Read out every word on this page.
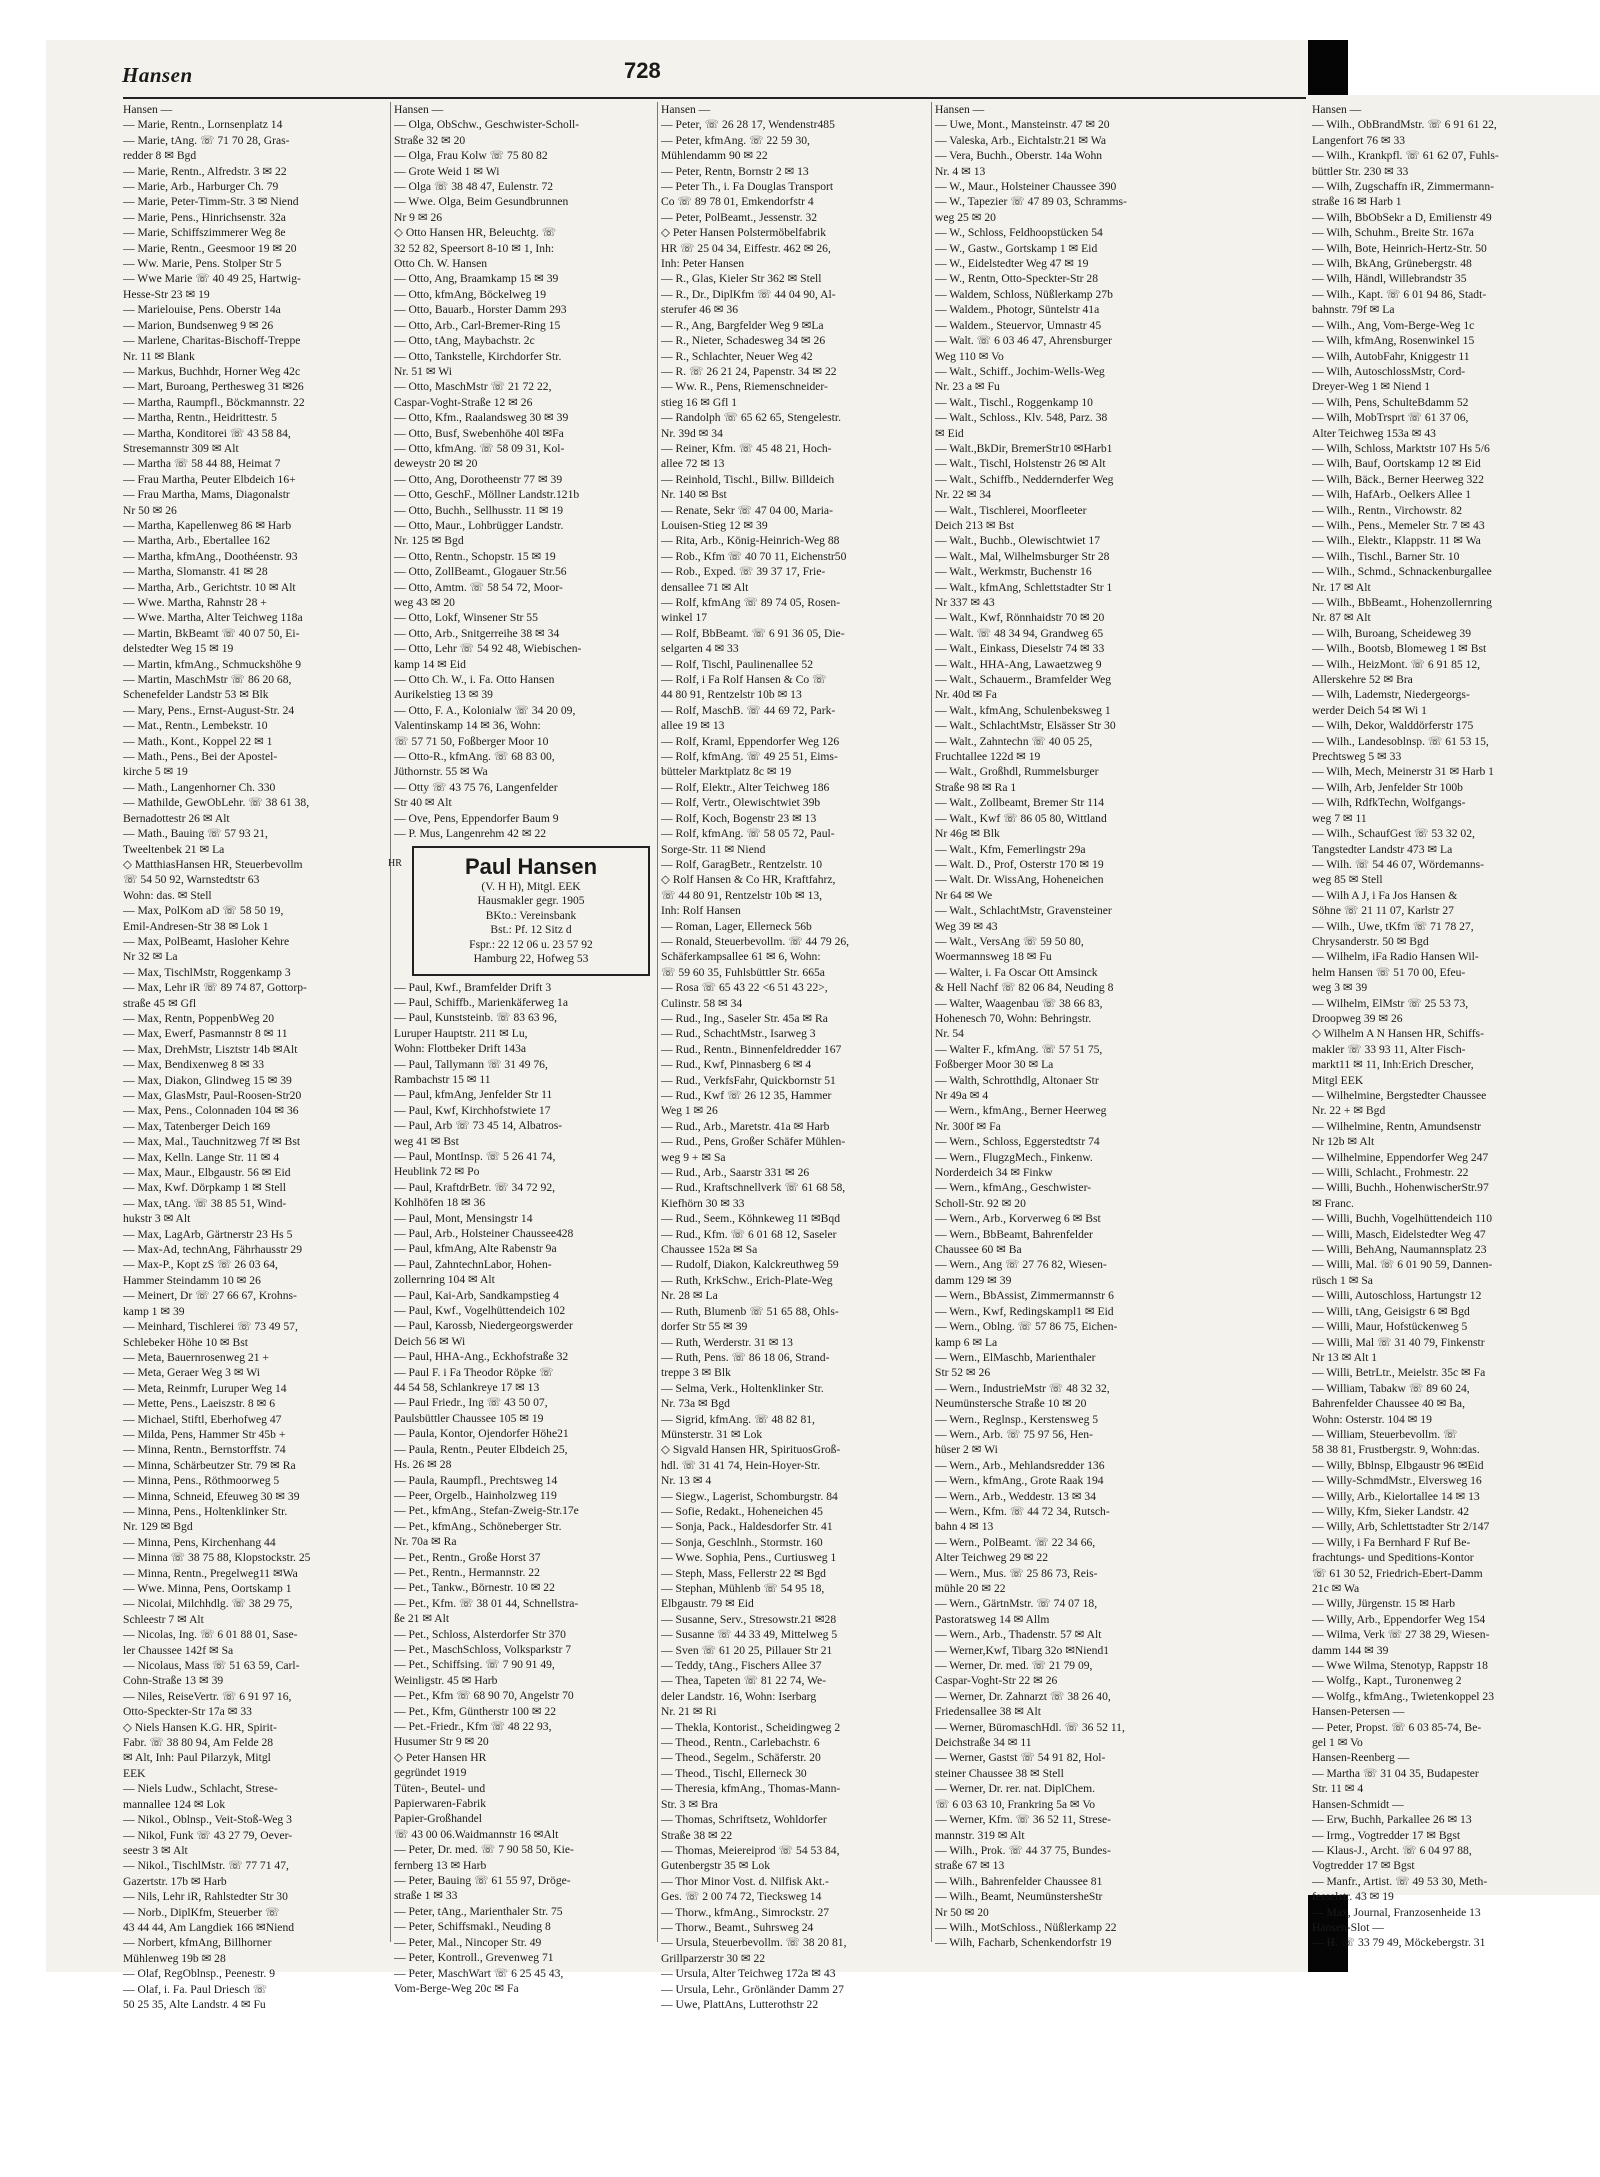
Hansen	728
Hansen —
— Marie, Rentn., Lornsenplatz 14
— Marie, tAng. ☏ 71 70 28, Gras-
redder 8 ✉ Bgd
— Marie, Rentn., Alfredstr. 3 ✉ 22
— Marie, Arb., Harburger Ch. 79
— Marie, Peter-Timm-Str. 3 ✉ Niend
— Marie, Pens., Hinrichsenstr. 32a
— Marie, Schiffszimmerer Weg 8e
— Marie, Rentn., Geesmoor 19 ✉ 20
— Ww. Marie, Pens. Stolper Str 5
— Wwe Marie ☏ 40 49 25, Hartwig-
Hesse-Str 23 ✉ 19
— Marielouise, Pens. Oberstr 14a
— Marion, Bundsenweg 9 ✉ 26
— Marlene, Charitas-Bischoff-Treppe
Nr. 11 ✉ Blank
— Markus, Buchhdr, Horner Weg 42c
— Mart, Buroang, Perthesweg 31 ✉26
— Martha, Raumpfl., Böckmannstr. 22
— Martha, Rentn., Heidrittestr. 5
— Martha, Konditorei ☏ 43 58 84,
Stresemannstr 309 ✉ Alt
— Martha ☏ 58 44 88, Heimat 7
— Frau Martha, Peuter Elbdeich 16+
— Frau Martha, Mams, Diagonalstr
Nr 50 ✉ 26
— Martha, Kapellenweg 86 ✉ Harb
— Martha, Arb., Ebertallee 162
— Martha, kfmAng., Doothéenstr. 93
— Martha, Slomanstr. 41 ✉ 28
— Martha, Arb., Gerichtstr. 10 ✉ Alt
— Wwe. Martha, Rahnstr 28 +
— Wwe. Martha, Alter Teichweg 118a
— Martin, BkBeamt ☏ 40 07 50, Ei-
delstedter Weg 15 ✉ 19
— Martin, kfmAng., Schmuckshöhe 9
— Martin, MaschMstr ☏ 86 20 68,
Schenefelder Landstr 53 ✉ Blk
— Mary, Pens., Ernst-August-Str. 24
— Mat., Rentn., Lembekstr. 10
— Math., Kont., Koppel 22 ✉ 1
— Math., Pens., Bei der Apostel-
kirche 5 ✉ 19
— Math., Langenhorner Ch. 330
— Mathilde, GewObLehr. ☏ 38 61 38,
Bernadottestr 26 ✉ Alt
— Math., Bauing ☏ 57 93 21,
Tweeltenbek 21 ✉ La
◇ MatthiasHansen HR, Steuerbevollm
☏ 54 50 92, Warnstedtstr 63
Wohn: das. ✉ Stell
— Max, PolKom aD ☏ 58 50 19,
Emil-Andresen-Str 38 ✉ Lok 1
— Max, PolBeamt, Hasloher Kehre
Nr 32 ✉ La
— Max, TischlMstr, Roggenkamp 3
— Max, Lehr iR ☏ 89 74 87, Gottorp-
straße 45 ✉ Gfl
— Max, Rentn, PoppenbWeg 20
— Max, Ewerf, Pasmannstr 8 ✉ 11
— Max, DrehMstr, Lisztstr 14b ✉Alt
— Max, Bendixenweg 8 ✉ 33
— Max, Diakon, Glindweg 15 ✉ 39
— Max, GlasMstr, Paul-Roosen-Str20
— Max, Pens., Colonnaden 104 ✉ 36
— Max, Tatenberger Deich 169
— Max, Mal., Tauchnitzweg 7f ✉ Bst
— Max, Kelln. Lange Str. 11 ✉ 4
— Max, Maur., Elbgaustr. 56 ✉ Eid
— Max, Kwf. Dörpkamp 1 ✉ Stell
— Max, tAng. ☏ 38 85 51, Wind-
hukstr 3 ✉ Alt
— Max, LagArb, Gärtnerstr 23 Hs 5
— Max-Ad, technAng, Fährhausstr 29
— Max-P., Kopt zS ☏ 26 03 64,
Hammer Steindamm 10 ✉ 26
— Meinert, Dr ☏ 27 66 67, Krohns-
kamp 1 ✉ 39
— Meinhard, Tischlerei ☏ 73 49 57,
Schlebeker Höhe 10 ✉ Bst
— Meta, Bauernrosenweg 21 +
— Meta, Geraer Weg 3 ✉ Wi
— Meta, Reinmfr, Luruper Weg 14
— Mette, Pens., Laeiszstr. 8 ✉ 6
— Michael, Stiftl, Eberhofweg 47
— Milda, Pens, Hammer Str 45b +
— Minna, Rentn., Bernstorffstr. 74
— Minna, Schärbeutzer Str. 79 ✉ Ra
— Minna, Pens., Röthmoorweg 5
— Minna, Schneid, Efeuweg 30 ✉ 39
— Minna, Pens., Holtenklinker Str.
Nr. 129 ✉ Bgd
— Minna, Pens, Kirchenhang 44
— Minna ☏ 38 75 88, Klopstockstr. 25
— Minna, Rentn., Pregelweg11 ✉Wa
— Wwe. Minna, Pens, Oortskamp 1
— Nicolai, Milchhdlg. ☏ 38 29 75,
Schleestr 7 ✉ Alt
— Nicolas, Ing. ☏ 6 01 88 01, Sase-
ler Chaussee 142f ✉ Sa
— Nicolaus, Mass ☏ 51 63 59, Carl-
Cohn-Straße 13 ✉ 39
— Niles, ReiseVertr. ☏ 6 91 97 16,
Otto-Speckter-Str 17a ✉ 33
◇ Niels Hansen K.G. HR, Spirit-
Fabr. ☏ 38 80 94, Am Felde 28
✉ Alt, Inh: Paul Pilarzyk, Mitgl
EEK
— Niels Ludw., Schlacht, Strese-
mannallee 124 ✉ Lok
— Nikol., Oblnsp., Veit-Stoß-Weg 3
— Nikol, Funk ☏ 43 27 79, Oever-
seestr 3 ✉ Alt
— Nikol., TischlMstr. ☏ 77 71 47,
Gazertstr. 17b ✉ Harb
— Nils, Lehr iR, Rahlstedter Str 30
— Norb., DiplKfm, Steuerber ☏
43 44 44, Am Langdiek 166 ✉Niend
— Norbert, kfmAng, Billhorner
Mühlenweg 19b ✉ 28
— Olaf, RegOblnsp., Peenestr. 9
— Olaf, i. Fa. Paul Driesch ☏
50 25 35, Alte Landstr. 4 ✉ Fu
Hansen —
— Olga, ObSchw., Geschwister-Scholl-
Straße 32 ✉ 20
— Olga, Frau Kolw ☏ 75 80 82
— Grote Weid 1 ✉ Wi
— Olga ☏ 38 48 47, Eulenstr. 72
— Wwe. Olga, Beim Gesundbrunnen
Nr 9 ✉ 26
◇ Otto Hansen HR, Beleuchtg. ☏
32 52 82, Speersort 8-10 ✉ 1, Inh:
Otto Ch. W. Hansen
— Otto, Ang, Braamkamp 15 ✉ 39
— Otto, kfmAng, Böckelweg 19
— Otto, Bauarb., Horster Damm 293
— Otto, Arb., Carl-Bremer-Ring 15
— Otto, tAng, Maybachstr. 2c
— Otto, Tankstelle, Kirchdorfer Str.
Nr. 51 ✉ Wi
— Otto, MaschMstr ☏ 21 72 22,
Caspar-Voght-Straße 12 ✉ 26
— Otto, Kfm., Raalandsweg 30 ✉ 39
— Otto, Busf, Swebenhöhe 40l ✉Fa
— Otto, kfmAng. ☏ 58 09 31, Kol-
deweystr 20 ✉ 20
— Otto, Ang, Dorotheenstr 77 ✉ 39
— Otto, GeschF., Möllner Landstr.121b
— Otto, Buchh., Sellhusstr. 11 ✉ 19
— Otto, Maur., Lohbrügger Landstr.
Nr. 125 ✉ Bgd
— Otto, Rentn., Schopstr. 15 ✉ 19
— Otto, ZollBeamt., Glogauer Str.56
— Otto, Amtm. ☏ 58 54 72, Moor-
weg 43 ✉ 20
— Otto, Lokf, Winsener Str 55
— Otto, Arb., Snitgerreihe 38 ✉ 34
— Otto, Lehr ☏ 54 92 48, Wiebischen-
kamp 14 ✉ Eid
— Otto Ch. W., i. Fa. Otto Hansen
Aurikelstieg 13 ✉ 39
— Otto, F. A., Kolonialw ☏ 34 20 09,
Valentinskamp 14 ✉ 36, Wohn:
☏ 57 71 50, Foßberger Moor 10
— Otto-R., kfmAng. ☏ 68 83 00,
Jüthornstr. 55 ✉ Wa
— Otty ☏ 43 75 76, Langenfelder
Str 40 ✉ Alt
— Ove, Pens, Eppendorfer Baum 9
— P. Mus, Langenrehm 42 ✉ 22
HR	Paul Hansen
(V. H H), Mitgl. EEK
Hausmakler gegr. 1905
BKto.: Vereinsbank
Bst.: Pf. 12 Sitz d
Fspr.: 22 12 06 u. 23 57 92
Hamburg 22, Hofweg 53
— Paul, Kwf., Bramfelder Drift 3
— Paul, Schiffb., Marienkäferweg 1a
— Paul, Kunststeinb. ☏ 83 63 96,
Luruper Hauptstr. 211 ✉ Lu,
Wohn: Flottbeker Drift 143a
— Paul, Tallymann ☏ 31 49 76,
Rambachstr 15 ✉ 11
— Paul, kfmAng, Jenfelder Str 11
— Paul, Kwf, Kirchhofstwiete 17
— Paul, Arb ☏ 73 45 14, Albatros-
weg 41 ✉ Bst
— Paul, MontInsp. ☏ 5 26 41 74,
Heublink 72 ✉ Po
— Paul, KraftdrBetr. ☏ 34 72 92,
Kohlhöfen 18 ✉ 36
— Paul, Mont, Mensingstr 14
— Paul, Arb., Holsteiner Chaussee428
— Paul, kfmAng, Alte Rabenstr 9a
— Paul, ZahntechnLabor, Hohen-
zollernring 104 ✉ Alt
— Paul, Kai-Arb, Sandkampstieg 4
— Paul, Kwf., Vogelhüttendeich 102
— Paul, Karossb, Niedergeorgswerder
Deich 56 ✉ Wi
— Paul, HHA-Ang., Eckhofstraße 32
— Paul F. i Fa Theodor Röpke ☏
44 54 58, Schlankreye 17 ✉ 13
— Paul Friedr., Ing ☏ 43 50 07,
Paulsbüttler Chaussee 105 ✉ 19
— Paula, Kontor, Ojendorfer Höhe21
— Paula, Rentn., Peuter Elbdeich 25,
Hs. 26 ✉ 28
— Paula, Raumpfl., Prechtsweg 14
— Peer, Orgelb., Hainholzweg 119
— Pet., kfmAng., Stefan-Zweig-Str.17e
— Pet., kfmAng., Schöneberger Str.
Nr. 70a ✉ Ra
— Pet., Rentn., Große Horst 37
— Pet., Rentn., Hermannstr. 22
— Pet., Tankw., Börnestr. 10 ✉ 22
— Pet., Kfm. ☏ 38 01 44, Schnellstra-
ße 21 ✉ Alt
— Pet., Schloss, Alsterdorfer Str 370
— Pet., MaschSchloss, Volksparkstr 7
— Pet., Schiffsing. ☏ 7 90 91 49,
Weinligstr. 45 ✉ Harb
— Pet., Kfm ☏ 68 90 70, Angelstr 70
— Pet., Kfm, Güntherstr 100 ✉ 22
— Pet.-Friedr., Kfm ☏ 48 22 93,
Husumer Str 9 ✉ 20
◇ Peter Hansen HR
gegründet 1919
Tüten-, Beutel- und
Papierwaren-Fabrik
Papier-Großhandel
☏ 43 00 06.Waidmannstr 16 ✉Alt
— Peter, Dr. med. ☏ 7 90 58 50, Kie-
fernberg 13 ✉ Harb
— Peter, Bauing ☏ 61 55 97, Dröge-
straße 1 ✉ 33
— Peter, tAng., Marienthaler Str. 75
— Peter, Schiffsmakl., Neuding 8
— Peter, Mal., Nincoper Str. 49
— Peter, Kontroll., Grevenweg 71
— Peter, MaschWart ☏ 6 25 45 43,
Vom-Berge-Weg 20c ✉ Fa
Hansen —
— Peter, ☏ 26 28 17, Wendenstr485
— Peter, kfmAng. ☏ 22 59 30,
Mühlendamm 90 ✉ 22
— Peter, Rentn, Bornstr 2 ✉ 13
— Peter Th., i. Fa Douglas Transport
Co ☏ 89 78 01, Emkendorfstr 4
— Peter, PolBeamt., Jessenstr. 32
◇ Peter Hansen Polstermöbelfabrik
HR ☏ 25 04 34, Eiffestr. 462 ✉ 26,
Inh: Peter Hansen
— R., Glas, Kieler Str 362 ✉ Stell
— R., Dr., DiplKfm ☏ 44 04 90, Al-
sterufer 46 ✉ 36
— R., Ang, Bargfelder Weg 9 ✉La
— R., Nieter, Schadesweg 34 ✉ 26
— R., Schlachter, Neuer Weg 42
— R. ☏ 26 21 24, Papenstr. 34 ✉ 22
— Ww. R., Pens, Riemenschneider-
stieg 16 ✉ Gfl 1
— Randolph ☏ 65 62 65, Stengelestr.
Nr. 39d ✉ 34
— Reiner, Kfm. ☏ 45 48 21, Hoch-
allee 72 ✉ 13
— Reinhold, Tischl., Billw. Billdeich
Nr. 140 ✉ Bst
— Renate, Sekr ☏ 47 04 00, Maria-
Louisen-Stieg 12 ✉ 39
— Rita, Arb., König-Heinrich-Weg 88
— Rob., Kfm ☏ 40 70 11, Eichenstr50
— Rob., Exped. ☏ 39 37 17, Frie-
densallee 71 ✉ Alt
— Rolf, kfmAng ☏ 89 74 05, Rosen-
winkel 17
— Rolf, BbBeamt. ☏ 6 91 36 05, Die-
selgarten 4 ✉ 33
— Rolf, Tischl, Paulinenallee 52
— Rolf, i Fa Rolf Hansen & Co ☏
44 80 91, Rentzelstr 10b ✉ 13
— Rolf, MaschB. ☏ 44 69 72, Park-
allee 19 ✉ 13
— Rolf, Kraml, Eppendorfer Weg 126
— Rolf, kfmAng. ☏ 49 25 51, Eims-
bütteler Marktplatz 8c ✉ 19
— Rolf, Elektr., Alter Teichweg 186
— Rolf, Vertr., Olewischtwiet 39b
— Rolf, Koch, Bogenstr 23 ✉ 13
— Rolf, kfmAng. ☏ 58 05 72, Paul-
Sorge-Str. 11 ✉ Niend
— Rolf, GaragBetr., Rentzelstr. 10
◇ Rolf Hansen & Co HR, Kraftfahrz,
☏ 44 80 91, Rentzelstr 10b ✉ 13,
Inh: Rolf Hansen
— Roman, Lager, Ellerneck 56b
— Ronald, Steuerbevollm. ☏ 44 79 26,
Schäferkampsallee 61 ✉ 6, Wohn:
☏ 59 60 35, Fuhlsbüttler Str. 665a
— Rosa ☏ 65 43 22 <6 51 43 22>,
Culinstr. 58 ✉ 34
— Rud., Ing., Saseler Str. 45a ✉ Ra
— Rud., SchachtMstr., Isarweg 3
— Rud., Rentn., Binnenfeldredder 167
— Rud., Kwf, Pinnasberg 6 ✉ 4
— Rud., VerkfsFahr, Quickbornstr 51
— Rud., Kwf ☏ 26 12 35, Hammer
Weg 1 ✉ 26
— Rud., Arb., Maretstr. 41a ✉ Harb
— Rud., Pens, Großer Schäfer Mühlen-
weg 9 + ✉ Sa
— Rud., Arb., Saarstr 331 ✉ 26
— Rud., Kraftschnellverk ☏ 61 68 58,
Kiefhörn 30 ✉ 33
— Rud., Seem., Köhnkeweg 11 ✉Bqd
— Rud., Kfm. ☏ 6 01 68 12, Saseler
Chaussee 152a ✉ Sa
— Rudolf, Diakon, Kalckreuthweg 59
— Ruth, KrkSchw., Erich-Plate-Weg
Nr. 28 ✉ La
— Ruth, Blumenb ☏ 51 65 88, Ohls-
dorfer Str 55 ✉ 39
— Ruth, Werderstr. 31 ✉ 13
— Ruth, Pens. ☏ 86 18 06, Strand-
treppe 3 ✉ Blk
— Selma, Verk., Holtenklinker Str.
Nr. 73a ✉ Bgd
— Sigrid, kfmAng. ☏ 48 82 81,
Münsterstr. 31 ✉ Lok
◇ Sigvald Hansen HR, SpirituosGroß-
hdl. ☏ 31 41 74, Hein-Hoyer-Str.
Nr. 13 ✉ 4
— Siegw., Lagerist, Schomburgstr. 84
— Sofie, Redakt., Hoheneichen 45
— Sonja, Pack., Haldesdorfer Str. 41
— Sonja, Geschlnh., Stormstr. 160
— Wwe. Sophia, Pens., Curtiusweg 1
— Steph, Mass, Fellerstr 22 ✉ Bgd
— Stephan, Mühlenb ☏ 54 95 18,
Elbgaustr. 79 ✉ Eid
— Susanne, Serv., Stresowstr.21 ✉28
— Susanne ☏ 44 33 49, Mittelweg 5
— Sven ☏ 61 20 25, Pillauer Str 21
— Teddy, tAng., Fischers Allee 37
— Thea, Tapeten ☏ 81 22 74, We-
deler Landstr. 16, Wohn: Iserbarg
Nr. 21 ✉ Ri
— Thekla, Kontorist., Scheidingweg 2
— Theod., Rentn., Carlebachstr. 6
— Theod., Segelm., Schäferstr. 20
— Theod., Tischl, Ellerneck 30
— Theresia, kfmAng., Thomas-Mann-
Str. 3 ✉ Bra
— Thomas, Schriftsetz, Wohldorfer
Straße 38 ✉ 22
— Thomas, Meiereiprod ☏ 54 53 84,
Gutenbergstr 35 ✉ Lok
— Thor Minor Vost. d. Nilfisk Akt.-
Ges. ☏ 2 00 74 72, Tiecksweg 14
— Thorw., kfmAng., Simrockstr. 27
— Thorw., Beamt., Suhrsweg 24
— Ursula, Steuerbevollm. ☏ 38 20 81,
Grillparzerstr 30 ✉ 22
— Ursula, Alter Teichweg 172a ✉ 43
— Ursula, Lehr., Grönländer Damm 27
— Uwe, PlattAns, Lutterothstr 22
Hansen —
— Uwe, Mont., Mansteinstr. 47 ✉ 20
— Valeska, Arb., Eichtalstr.21 ✉ Wa
— Vera, Buchh., Oberstr. 14a Wohn
Nr. 4 ✉ 13
— W., Maur., Holsteiner Chaussee 390
— W., Tapezier ☏ 47 89 03, Schramms-
weg 25 ✉ 20
— W., Schloss, Feldhoopstücken 54
— W., Gastw., Gortskamp 1 ✉ Eid
— W., Eidelstedter Weg 47 ✉ 19
— W., Rentn, Otto-Speckter-Str 28
— Waldem, Schloss, Nüßlerkamp 27b
— Waldem., Photogr, Süntelstr 41a
— Waldem., Steuervor, Umnastr 45
— Walt. ☏ 6 03 46 47, Ahrensburger
Weg 110 ✉ Vo
— Walt., Schiff., Jochim-Wells-Weg
Nr. 23 a ✉ Fu
— Walt., Tischl., Roggenkamp 10
— Walt., Schloss., Klv. 548, Parz. 38
✉ Eid
— Walt.,BkDir, BremerStr10 ✉Harb1
— Walt., Tischl, Holstenstr 26 ✉ Alt
— Walt., Schiffb., Neddernderfer Weg
Nr. 22 ✉ 34
— Walt., Tischlerei, Moorfleeter
Deich 213 ✉ Bst
— Walt., Buchb., Olewischtwiet 17
— Walt., Mal, Wilhelmsburger Str 28
— Walt., Werkmstr, Buchenstr 16
— Walt., kfmAng, Schlettstadter Str 1
Nr 337 ✉ 43
— Walt., Kwf, Rönnhaidstr 70 ✉ 20
— Walt. ☏ 48 34 94, Grandweg 65
— Walt., Einkass, Dieselstr 74 ✉ 33
— Walt., HHA-Ang, Lawaetzweg 9
— Walt., Schauerm., Bramfelder Weg
Nr. 40d ✉ Fa
— Walt., kfmAng, Schulenbeksweg 1
— Walt., SchlachtMstr, Elsässer Str 30
— Walt., Zahntechn ☏ 40 05 25,
Fruchtallee 122d ✉ 19
— Walt., Großhdl, Rummelsburger
Straße 98 ✉ Ra 1
— Walt., Zollbeamt, Bremer Str 114
— Walt., Kwf ☏ 86 05 80, Wittland
Nr 46g ✉ Blk
— Walt., Kfm, Femerlingstr 29a
— Walt. D., Prof, Osterstr 170 ✉ 19
— Walt. Dr. WissAng, Hoheneichen
Nr 64 ✉ We
— Walt., SchlachtMstr, Gravensteiner
Weg 39 ✉ 43
— Walt., VersAng ☏ 59 50 80,
Woermannsweg 18 ✉ Fu
— Walter, i. Fa Oscar Ott Amsinck
& Hell Nachf ☏ 82 06 84, Neuding 8
— Walter, Waagenbau ☏ 38 66 83,
Hohenesch 70, Wohn: Behringstr.
Nr. 54
— Walter F., kfmAng. ☏ 57 51 75,
Foßberger Moor 30 ✉ La
— Walth, Schrotthdlg, Altonaer Str
Nr 49a ✉ 4
— Wern., kfmAng., Berner Heerweg
Nr. 300f ✉ Fa
— Wern., Schloss, Eggerstedtstr 74
— Wern., FlugzgMech., Finkenw.
Norderdeich 34 ✉ Finkw
— Wern., kfmAng., Geschwister-
Scholl-Str. 92 ✉ 20
— Wern., Arb., Korverweg 6 ✉ Bst
— Wern., BbBeamt, Bahrenfelder
Chaussee 60 ✉ Ba
— Wern., Ang ☏ 27 76 82, Wiesen-
damm 129 ✉ 39
— Wern., BbAssist, Zimmermannstr 6
— Wern., Kwf, Redingskampl1 ✉ Eid
— Wern., Oblng. ☏ 57 86 75, Eichen-
kamp 6 ✉ La
— Wern., ElMaschb, Marienthaler
Str 52 ✉ 26
— Wern., IndustrieMstr ☏ 48 32 32,
Neumünstersche Straße 10 ✉ 20
— Wern., Reglnsp., Kerstensweg 5
— Wern., Arb. ☏ 75 97 56, Hen-
hüser 2 ✉ Wi
— Wern., Arb., Mehlandsredder 136
— Wern., kfmAng., Grote Raak 194
— Wern., Arb., Weddestr. 13 ✉ 34
— Wern., Kfm. ☏ 44 72 34, Rutsch-
bahn 4 ✉ 13
— Wern., PolBeamt. ☏ 22 34 66,
Alter Teichweg 29 ✉ 22
— Wern., Mus. ☏ 25 86 73, Reis-
mühle 20 ✉ 22
— Wern., GärtnMstr. ☏ 74 07 18,
Pastoratsweg 14 ✉ Allm
— Wern., Arb., Thadenstr. 57 ✉ Alt
— Werner,Kwf, Tibarg 32o ✉Niend1
— Werner, Dr. med. ☏ 21 79 09,
Caspar-Voght-Str 22 ✉ 26
— Werner, Dr. Zahnarzt ☏ 38 26 40,
Friedensallee 38 ✉ Alt
— Werner, BüromaschHdl. ☏ 36 52 11,
Deichstraße 34 ✉ 11
— Werner, Gastst ☏ 54 91 82, Hol-
steiner Chaussee 38 ✉ Stell
— Werner, Dr. rer. nat. DiplChem.
☏ 6 03 63 10, Frankring 5a ✉ Vo
— Werner, Kfm. ☏ 36 52 11, Strese-
mannstr. 319 ✉ Alt
— Wilh., Prok. ☏ 44 37 75, Bundes-
straße 67 ✉ 13
— Wilh., Bahrenfelder Chaussee 81
— Wilh., Beamt, NeumünstersheStr
Nr 50 ✉ 20
— Wilh., MotSchloss., Nüßlerkamp 22
— Wilh, Facharb, Schenkendorfstr 19
Hansen —
— Wilh., ObBrandMstr. ☏ 6 91 61 22,
Langenfort 76 ✉ 33
— Wilh., Krankpfl. ☏ 61 62 07, Fuhls-
büttler Str. 230 ✉ 33
— Wilh, Zugschaffn iR, Zimmermann-
straße 16 ✉ Harb 1
— Wilh, BbObSekr a D, Emilienstr 49
— Wilh, Schuhm., Breite Str. 167a
— Wilh, Bote, Heinrich-Hertz-Str. 50
— Wilh, BkAng, Grünebergstr. 48
— Wilh, Händl, Willebrandstr 35
— Wilh., Kapt. ☏ 6 01 94 86, Stadt-
bahnstr. 79f ✉ La
— Wilh., Ang, Vom-Berge-Weg 1c
— Wilh, kfmAng, Rosenwinkel 15
— Wilh, AutobFahr, Kniggestr 11
— Wilh, AutoschlossMstr, Cord-
Dreyer-Weg 1 ✉ Niend 1
— Wilh, Pens, SchulteBdamm 52
— Wilh, MobTrsprt ☏ 61 37 06,
Alter Teichweg 153a ✉ 43
— Wilh, Schloss, Marktstr 107 Hs 5/6
— Wilh, Bauf, Oortskamp 12 ✉ Eid
— Wilh, Bäck., Berner Heerweg 322
— Wilh, HafArb., Oelkers Allee 1
— Wilh., Rentn., Virchowstr. 82
— Wilh., Pens., Memeler Str. 7 ✉ 43
— Wilh., Elektr., Klappstr. 11 ✉ Wa
— Wilh., Tischl., Barner Str. 10
— Wilh., Schmd., Schnackenburgallee
Nr. 17 ✉ Alt
— Wilh., BbBeamt., Hohenzollernring
Nr. 87 ✉ Alt
— Wilh, Buroang, Scheideweg 39
— Wilh., Bootsb, Blomeweg 1 ✉ Bst
— Wilh., HeizMont. ☏ 6 91 85 12,
Allerskehre 52 ✉ Bra
— Wilh, Lademstr, Niedergeorgs-
werder Deich 54 ✉ Wi 1
— Wilh, Dekor, Walddörferstr 175
— Wilh., Landesoblnsp. ☏ 61 53 15,
Prechtsweg 5 ✉ 33
— Wilh, Mech, Meinerstr 31 ✉ Harb 1
— Wilh, Arb, Jenfelder Str 100b
— Wilh, RdfkTechn, Wolfgangs-
weg 7 ✉ 11
— Wilh., SchaufGest ☏ 53 32 02,
Tangstedter Landstr 473 ✉ La
— Wilh. ☏ 54 46 07, Wördemanns-
weg 85 ✉ Stell
— Wilh A J, i Fa Jos Hansen &
Söhne ☏ 21 11 07, Karlstr 27
— Wilh., Uwe, tKfm ☏ 71 78 27,
Chrysanderstr. 50 ✉ Bgd
— Wilhelm, iFa Radio Hansen Wil-
helm Hansen ☏ 51 70 00, Efeu-
weg 3 ✉ 39
— Wilhelm, ElMstr ☏ 25 53 73,
Droopweg 39 ✉ 26
◇ Wilhelm A N Hansen HR, Schiffs-
makler ☏ 33 93 11, Alter Fisch-
markt11 ✉ 11, Inh:Erich Drescher,
Mitgl EEK
— Wilhelmine, Bergstedter Chaussee
Nr. 22 + ✉ Bgd
— Wilhelmine, Rentn, Amundsenstr
Nr 12b ✉ Alt
— Wilhelmine, Eppendorfer Weg 247
— Willi, Schlacht., Frohmestr. 22
— Willi, Buchh., HohenwischerStr.97
✉ Franc.
— Willi, Buchh, Vogelhüttendeich 110
— Willi, Masch, Eidelstedter Weg 47
— Willi, BehAng, Naumannsplatz 23
— Willi, Mal. ☏ 6 01 90 59, Dannen-
rüsch 1 ✉ Sa
— Willi, Autoschloss, Hartungstr 12
— Willi, tAng, Geisigstr 6 ✉ Bgd
— Willi, Maur, Hofstückenweg 5
— Willi, Mal ☏ 31 40 79, Finkenstr
Nr 13 ✉ Alt 1
— Willi, BetrLtr., Meielstr. 35c ✉ Fa
— William, Tabakw ☏ 89 60 24,
Bahrenfelder Chaussee 40 ✉ Ba,
Wohn: Osterstr. 104 ✉ 19
— William, Steuerbevollm. ☏
58 38 81, Frustbergstr. 9, Wohn:das.
— Willy, Bblnsp, Elbgaustr 96 ✉Eid
— Willy-SchmdMstr., Elversweg 16
— Willy, Arb., Kielortallee 14 ✉ 13
— Willy, Kfm, Sieker Landstr. 42
— Willy, Arb, Schlettstadter Str 2/147
— Willy, i Fa Bernhard F Ruf Be-
frachtungs- und Speditions-Kontor
☏ 61 30 52, Friedrich-Ebert-Damm
21c ✉ Wa
— Willy, Jürgenstr. 15 ✉ Harb
— Willy, Arb., Eppendorfer Weg 154
— Wilma, Verk ☏ 27 38 29, Wiesen-
damm 144 ✉ 39
— Wwe Wilma, Stenotyp, Rappstr 18
— Wolfg., Kapt., Turonenweg 2
— Wolfg., kfmAng., Twietenkoppel 23
Hansen-Petersen —
— Peter, Propst. ☏ 6 03 85-74, Be-
gel 1 ✉ Vo
Hansen-Reenberg —
— Martha ☏ 31 04 35, Budapester
Str. 11 ✉ 4
Hansen-Schmidt —
— Erw, Buchh, Parkallee 26 ✉ 13
— Irmg., Vogtredder 17 ✉ Bgst
— Klaus-J., Archt. ☏ 6 04 97 88,
Vogtredder 17 ✉ Bgst
— Manfr., Artist. ☏ 49 53 30, Meth-
fesselstr. 43 ✉ 19
— Max, Journal, Franzosenheide 13
Hansen-Slot —
— H. ☏ 33 79 49, Möckebergstr. 31
